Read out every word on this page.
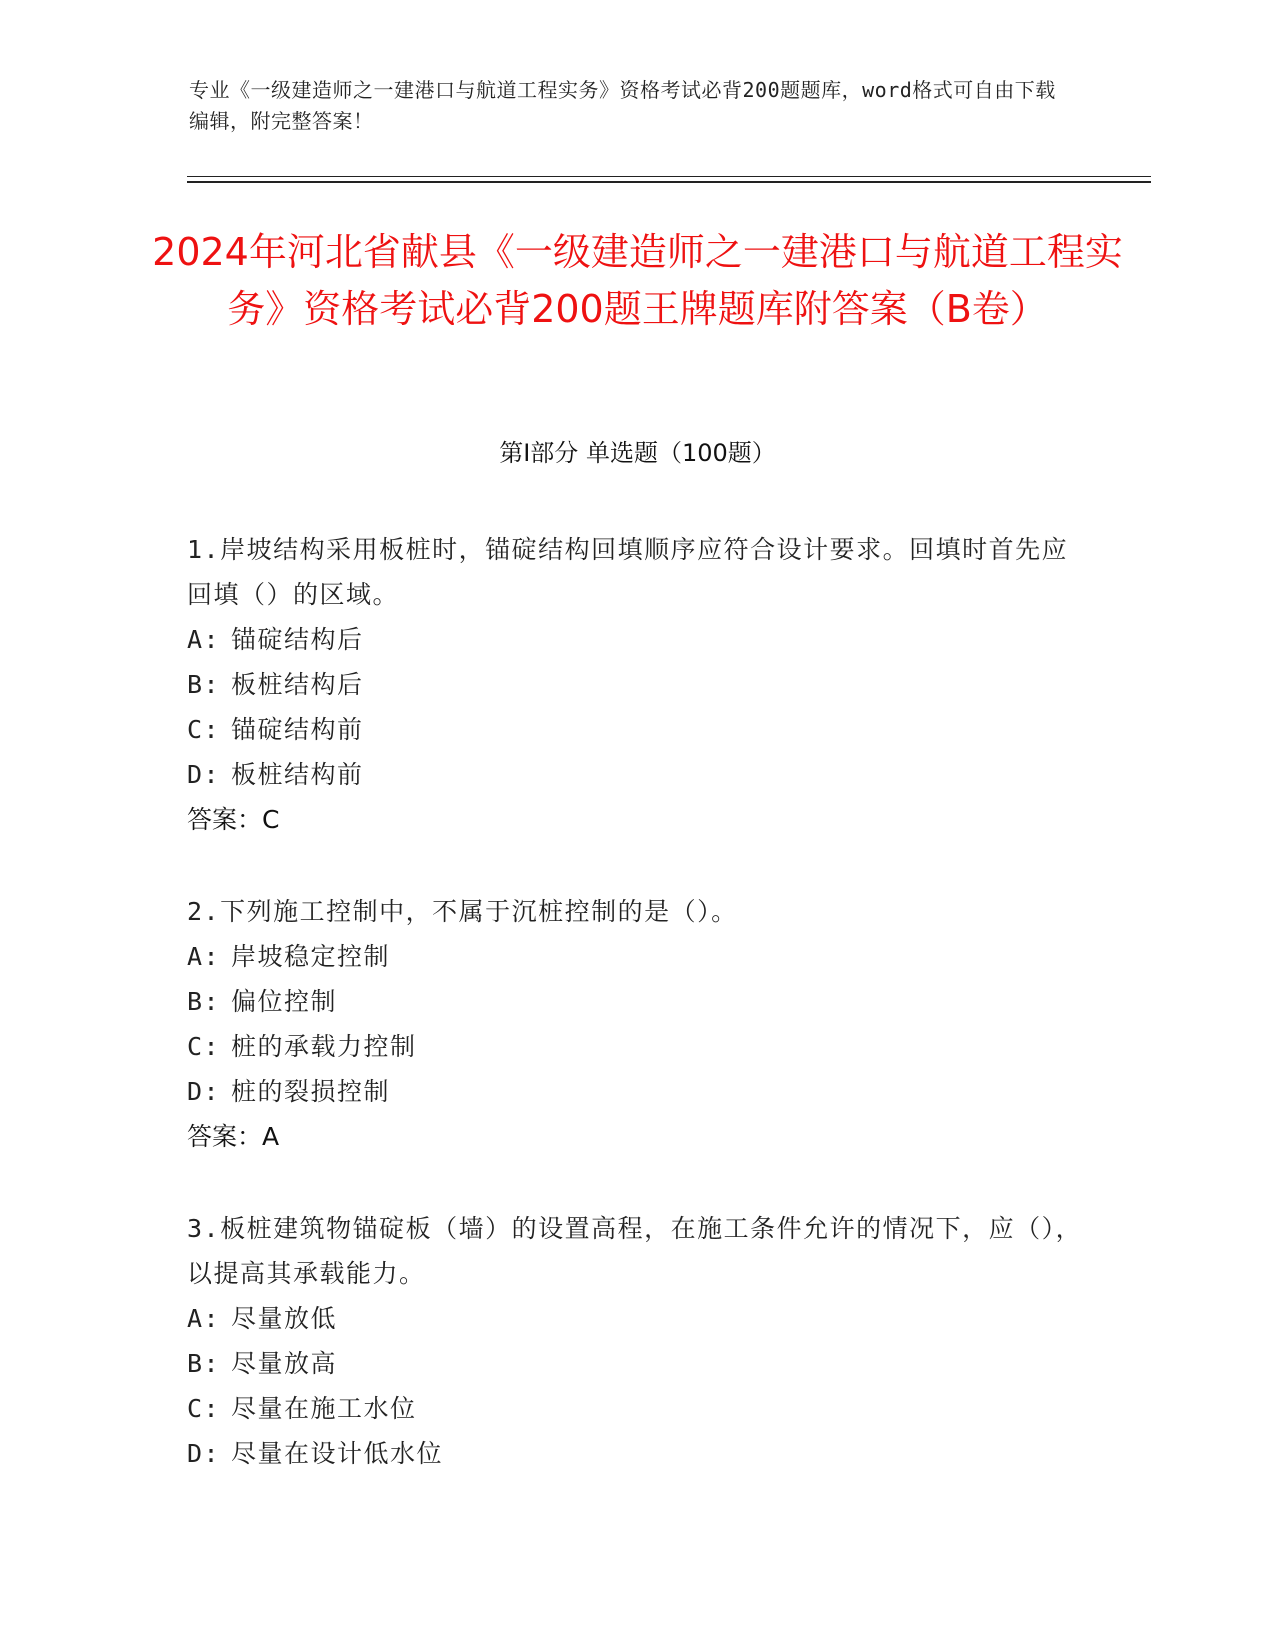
专业《一级建造师之一建港口与航道工程实务》资格考试必背200题题库，word格式可自由下载编辑，附完整答案！
2024年河北省献县《一级建造师之一建港口与航道工程实务》资格考试必背200题王牌题库附答案（B卷）
第Ⅰ部分 单选题（100题）

1.岸坡结构采用板桩时，锚碇结构回填顺序应符合设计要求。回填时首先应回填（）的区域。

A: 锚碇结构后

B: 板桩结构后

C: 锚碇结构前

D: 板桩结构前

答案：C

2.下列施工控制中，不属于沉桩控制的是（）。

A: 岸坡稳定控制

B: 偏位控制

C: 桩的承载力控制

D: 桩的裂损控制

答案：A

3.板桩建筑物锚碇板（墙）的设置高程，在施工条件允许的情况下，应（），以提高其承载能力。

A: 尽量放低

B: 尽量放高

C: 尽量在施工水位

D: 尽量在设计低水位
